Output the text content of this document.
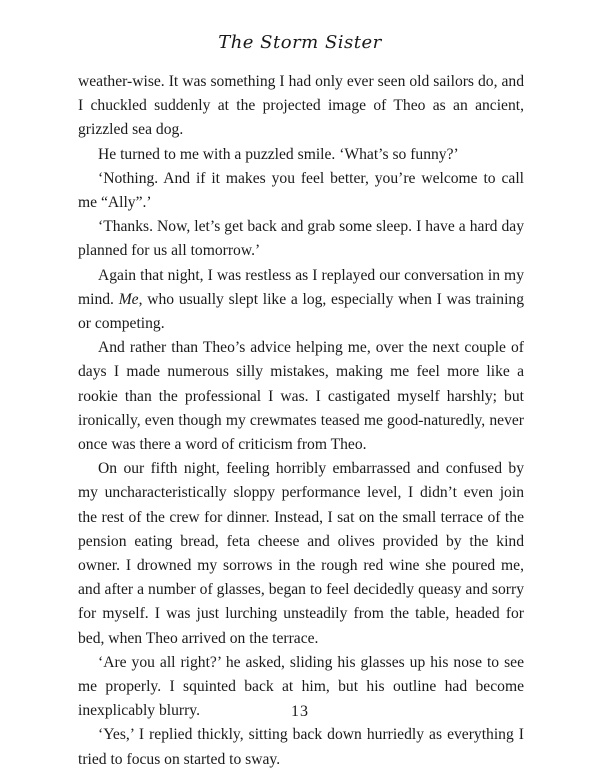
The Storm Sister

weather-wise. It was something I had only ever seen old sailors do, and I chuckled suddenly at the projected image of Theo as an ancient, grizzled sea dog.

He turned to me with a puzzled smile. ‘What’s so funny?’

‘Nothing. And if it makes you feel better, you’re welcome to call me “Ally”.’

‘Thanks. Now, let’s get back and grab some sleep. I have a hard day planned for us all tomorrow.’

Again that night, I was restless as I replayed our conversation in my mind. Me, who usually slept like a log, especially when I was training or competing.

And rather than Theo’s advice helping me, over the next couple of days I made numerous silly mistakes, making me feel more like a rookie than the professional I was. I castigated myself harshly; but ironically, even though my crewmates teased me good-naturedly, never once was there a word of criticism from Theo.

On our fifth night, feeling horribly embarrassed and confused by my uncharacteristically sloppy performance level, I didn’t even join the rest of the crew for dinner. Instead, I sat on the small terrace of the pension eating bread, feta cheese and olives provided by the kind owner. I drowned my sorrows in the rough red wine she poured me, and after a number of glasses, began to feel decidedly queasy and sorry for myself. I was just lurching unsteadily from the table, headed for bed, when Theo arrived on the terrace.

‘Are you all right?’ he asked, sliding his glasses up his nose to see me properly. I squinted back at him, but his outline had become inexplicably blurry.

‘Yes,’ I replied thickly, sitting back down hurriedly as everything I tried to focus on started to sway.

13
